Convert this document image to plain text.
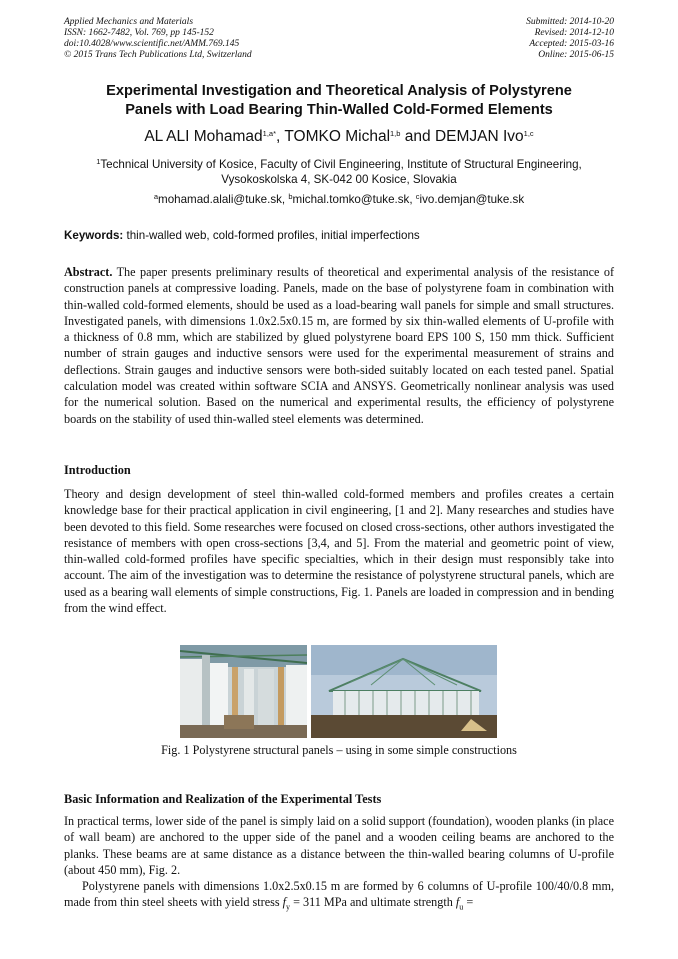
Applied Mechanics and Materials
ISSN: 1662-7482, Vol. 769, pp 145-152
doi:10.4028/www.scientific.net/AMM.769.145
© 2015 Trans Tech Publications Ltd, Switzerland
Submitted: 2014-10-20
Revised: 2014-12-10
Accepted: 2015-03-16
Online: 2015-06-15
Experimental Investigation and Theoretical Analysis of Polystyrene
Panels with Load Bearing Thin-Walled Cold-Formed Elements
AL ALI Mohamad$^{1,a*}$, TOMKO Michal$^{1,b}$ and DEMJAN Ivo$^{1,c}$
$^1$Technical University of Kosice, Faculty of Civil Engineering, Institute of Structural Engineering,
Vysokoskolska 4, SK-042 00 Kosice, Slovakia
$^a$mohamad.alali@tuke.sk, $^b$michal.tomko@tuke.sk, $^c$ivo.demjan@tuke.sk
Keywords: thin-walled web, cold-formed profiles, initial imperfections
Abstract. The paper presents preliminary results of theoretical and experimental analysis of the resistance of construction panels at compressive loading. Panels, made on the base of polystyrene foam in combination with thin-walled cold-formed elements, should be used as a load-bearing wall panels for simple and small structures. Investigated panels, with dimensions 1.0x2.5x0.15 m, are formed by six thin-walled elements of U-profile with a thickness of 0.8 mm, which are stabilized by glued polystyrene board EPS 100 S, 150 mm thick. Sufficient number of strain gauges and inductive sensors were used for the experimental measurement of strains and deflections. Strain gauges and inductive sensors were both-sided suitably located on each tested panel. Spatial calculation model was created within software SCIA and ANSYS. Geometrically nonlinear analysis was used for the numerical solution. Based on the numerical and experimental results, the efficiency of polystyrene boards on the stability of used thin-walled steel elements was determined.
Introduction
Theory and design development of steel thin-walled cold-formed members and profiles creates a certain knowledge base for their practical application in civil engineering, [1 and 2]. Many researches and studies have been devoted to this field. Some researches were focused on closed cross-sections, other authors investigated the resistance of members with open cross-sections [3,4, and 5]. From the material and geometric point of view, thin-walled cold-formed profiles have specific specialties, which in their design must responsibly take into account. The aim of the investigation was to determine the resistance of polystyrene structural panels, which are used as a bearing wall elements of simple constructions, Fig. 1. Panels are loaded in compression and in bending from the wind effect.
Fig. 1 Polystyrene structural panels – using in some simple constructions
Basic Information and Realization of the Experimental Tests
In practical terms, lower side of the panel is simply laid on a solid support (foundation), wooden planks (in place of wall beam) are anchored to the upper side of the panel and a wooden ceiling beams are anchored to the planks. These beams are at same distance as a distance between the thin-walled bearing columns of U-profile (about 450 mm), Fig. 2.
Polystyrene panels with dimensions 1.0x2.5x0.15 m are formed by 6 columns of U-profile 100/40/0.8 mm, made from thin steel sheets with yield stress $f_y = 311$ MPa and ultimate strength $f_u$ =
